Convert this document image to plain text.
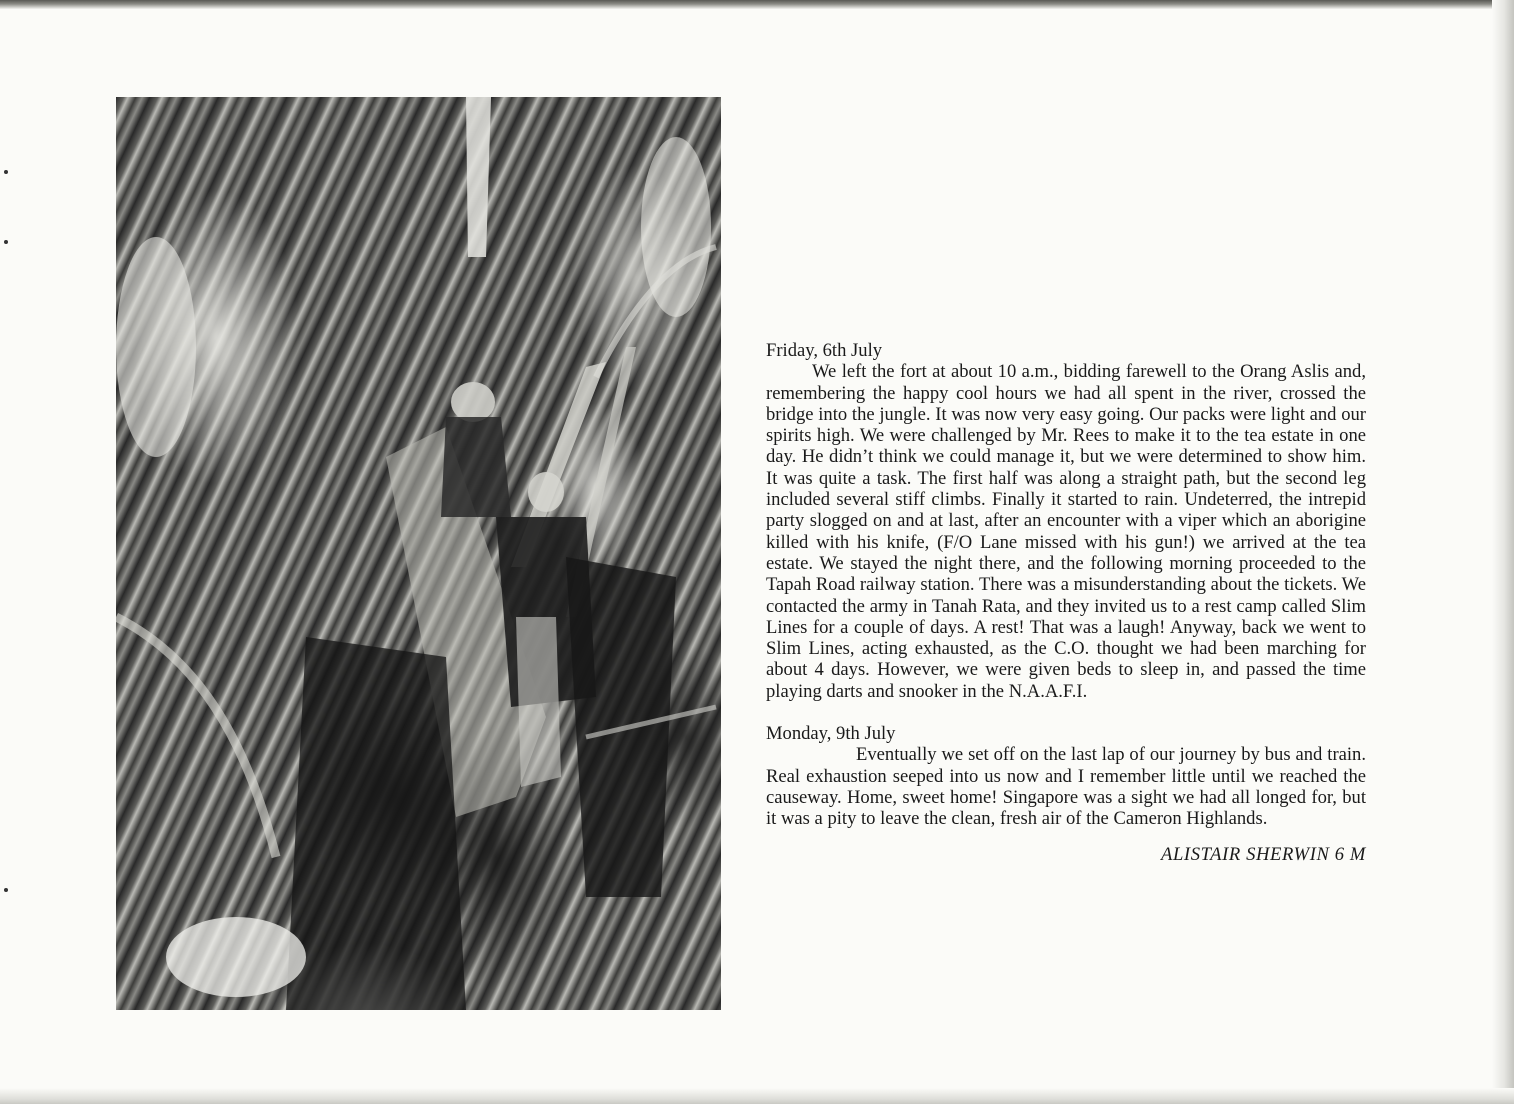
Friday, 6th July

We left the fort at about 10 a.m., bidding farewell to the Orang Aslis and, remembering the happy cool hours we had all spent in the river, crossed the bridge into the jungle. It was now very easy going. Our packs were light and our spirits high. We were challenged by Mr. Rees to make it to the tea estate in one day. He didn’t think we could manage it, but we were determined to show him. It was quite a task. The first half was along a straight path, but the second leg included several stiff climbs. Finally it started to rain. Undeterred, the intrepid party slogged on and at last, after an encounter with a viper which an aborigine killed with his knife, (F/O Lane missed with his gun!) we arrived at the tea estate. We stayed the night there, and the following morning proceeded to the Tapah Road railway station. There was a misunderstanding about the tickets. We contacted the army in Tanah Rata, and they invited us to a rest camp called Slim Lines for a couple of days. A rest! That was a laugh! Anyway, back we went to Slim Lines, acting exhausted, as the C.O. thought we had been marching for about 4 days. However, we were given beds to sleep in, and passed the time playing darts and snooker in the N.A.A.F.I.

Monday, 9th July

Eventually we set off on the last lap of our journey by bus and train. Real exhaustion seeped into us now and I remember little until we reached the causeway. Home, sweet home! Singapore was a sight we had all longed for, but it was a pity to leave the clean, fresh air of the Cameron Highlands.

ALISTAIR SHERWIN 6 M
